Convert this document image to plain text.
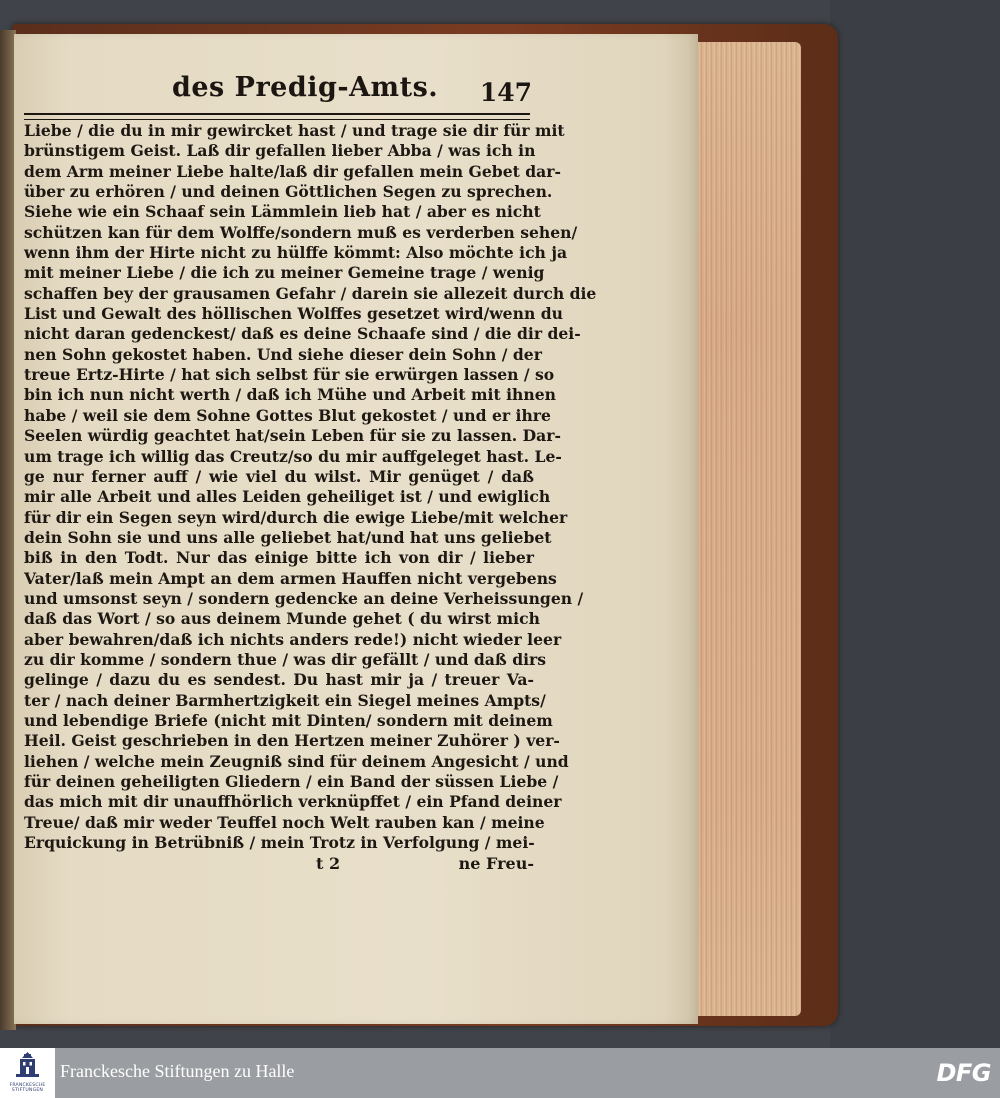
des Predig-Amts. 147
Liebe / die du in mir gewircket hast / und trage sie dir für mit
brünstigem Geist. Laß dir gefallen lieber Abba / was ich in
dem Arm meiner Liebe halte/laß dir gefallen mein Gebet dar-
über zu erhören / und deinen Göttlichen Segen zu sprechen.
Siehe wie ein Schaaf sein Lämmlein lieb hat / aber es nicht
schützen kan für dem Wolffe/sondern muß es verderben sehen/
wenn ihm der Hirte nicht zu hülffe kömmt: Also möchte ich ja
mit meiner Liebe / die ich zu meiner Gemeine trage / wenig
schaffen bey der grausamen Gefahr / darein sie allezeit durch die
List und Gewalt des höllischen Wolffes gesetzet wird/wenn du
nicht daran gedenckest/ daß es deine Schaafe sind / die dir dei-
nen Sohn gekostet haben. Und siehe dieser dein Sohn / der
treue Ertz-Hirte / hat sich selbst für sie erwürgen lassen / so
bin ich nun nicht werth / daß ich Mühe und Arbeit mit ihnen
habe / weil sie dem Sohne Gottes Blut gekostet / und er ihre
Seelen würdig geachtet hat/sein Leben für sie zu lassen. Dar-
um trage ich willig das Creutz/so du mir auffgeleget hast. Le-
ge nur ferner auff / wie viel du wilst. Mir genüget / daß
mir alle Arbeit und alles Leiden geheiliget ist / und ewiglich
für dir ein Segen seyn wird/durch die ewige Liebe/mit welcher
dein Sohn sie und uns alle geliebet hat/und hat uns geliebet
biß in den Todt. Nur das einige bitte ich von dir / lieber
Vater/laß mein Ampt an dem armen Hauffen nicht vergebens
und umsonst seyn / sondern gedencke an deine Verheissungen /
daß das Wort / so aus deinem Munde gehet ( du wirst mich
aber bewahren/daß ich nichts anders rede!) nicht wieder leer
zu dir komme / sondern thue / was dir gefällt / und daß dirs
gelinge / dazu du es sendest. Du hast mir ja / treuer Va-
ter / nach deiner Barmhertzigkeit ein Siegel meines Ampts/
und lebendige Briefe (nicht mit Dinten/ sondern mit deinem
Heil. Geist geschrieben in den Hertzen meiner Zuhörer ) ver-
liehen / welche mein Zeugniß sind für deinem Angesicht / und
für deinen geheiligten Gliedern / ein Band der süssen Liebe /
das mich mit dir unauffhörlich verknüpffet / ein Pfand deiner
Treue/ daß mir weder Teuffel noch Welt rauben kan / meine
Erquickung in Betrübniß / mein Trotz in Verfolgung / mei-
t 2	ne Freu-
FRANCKESCHE
STIFTUNGEN
Franckesche Stiftungen zu Halle	DFG
